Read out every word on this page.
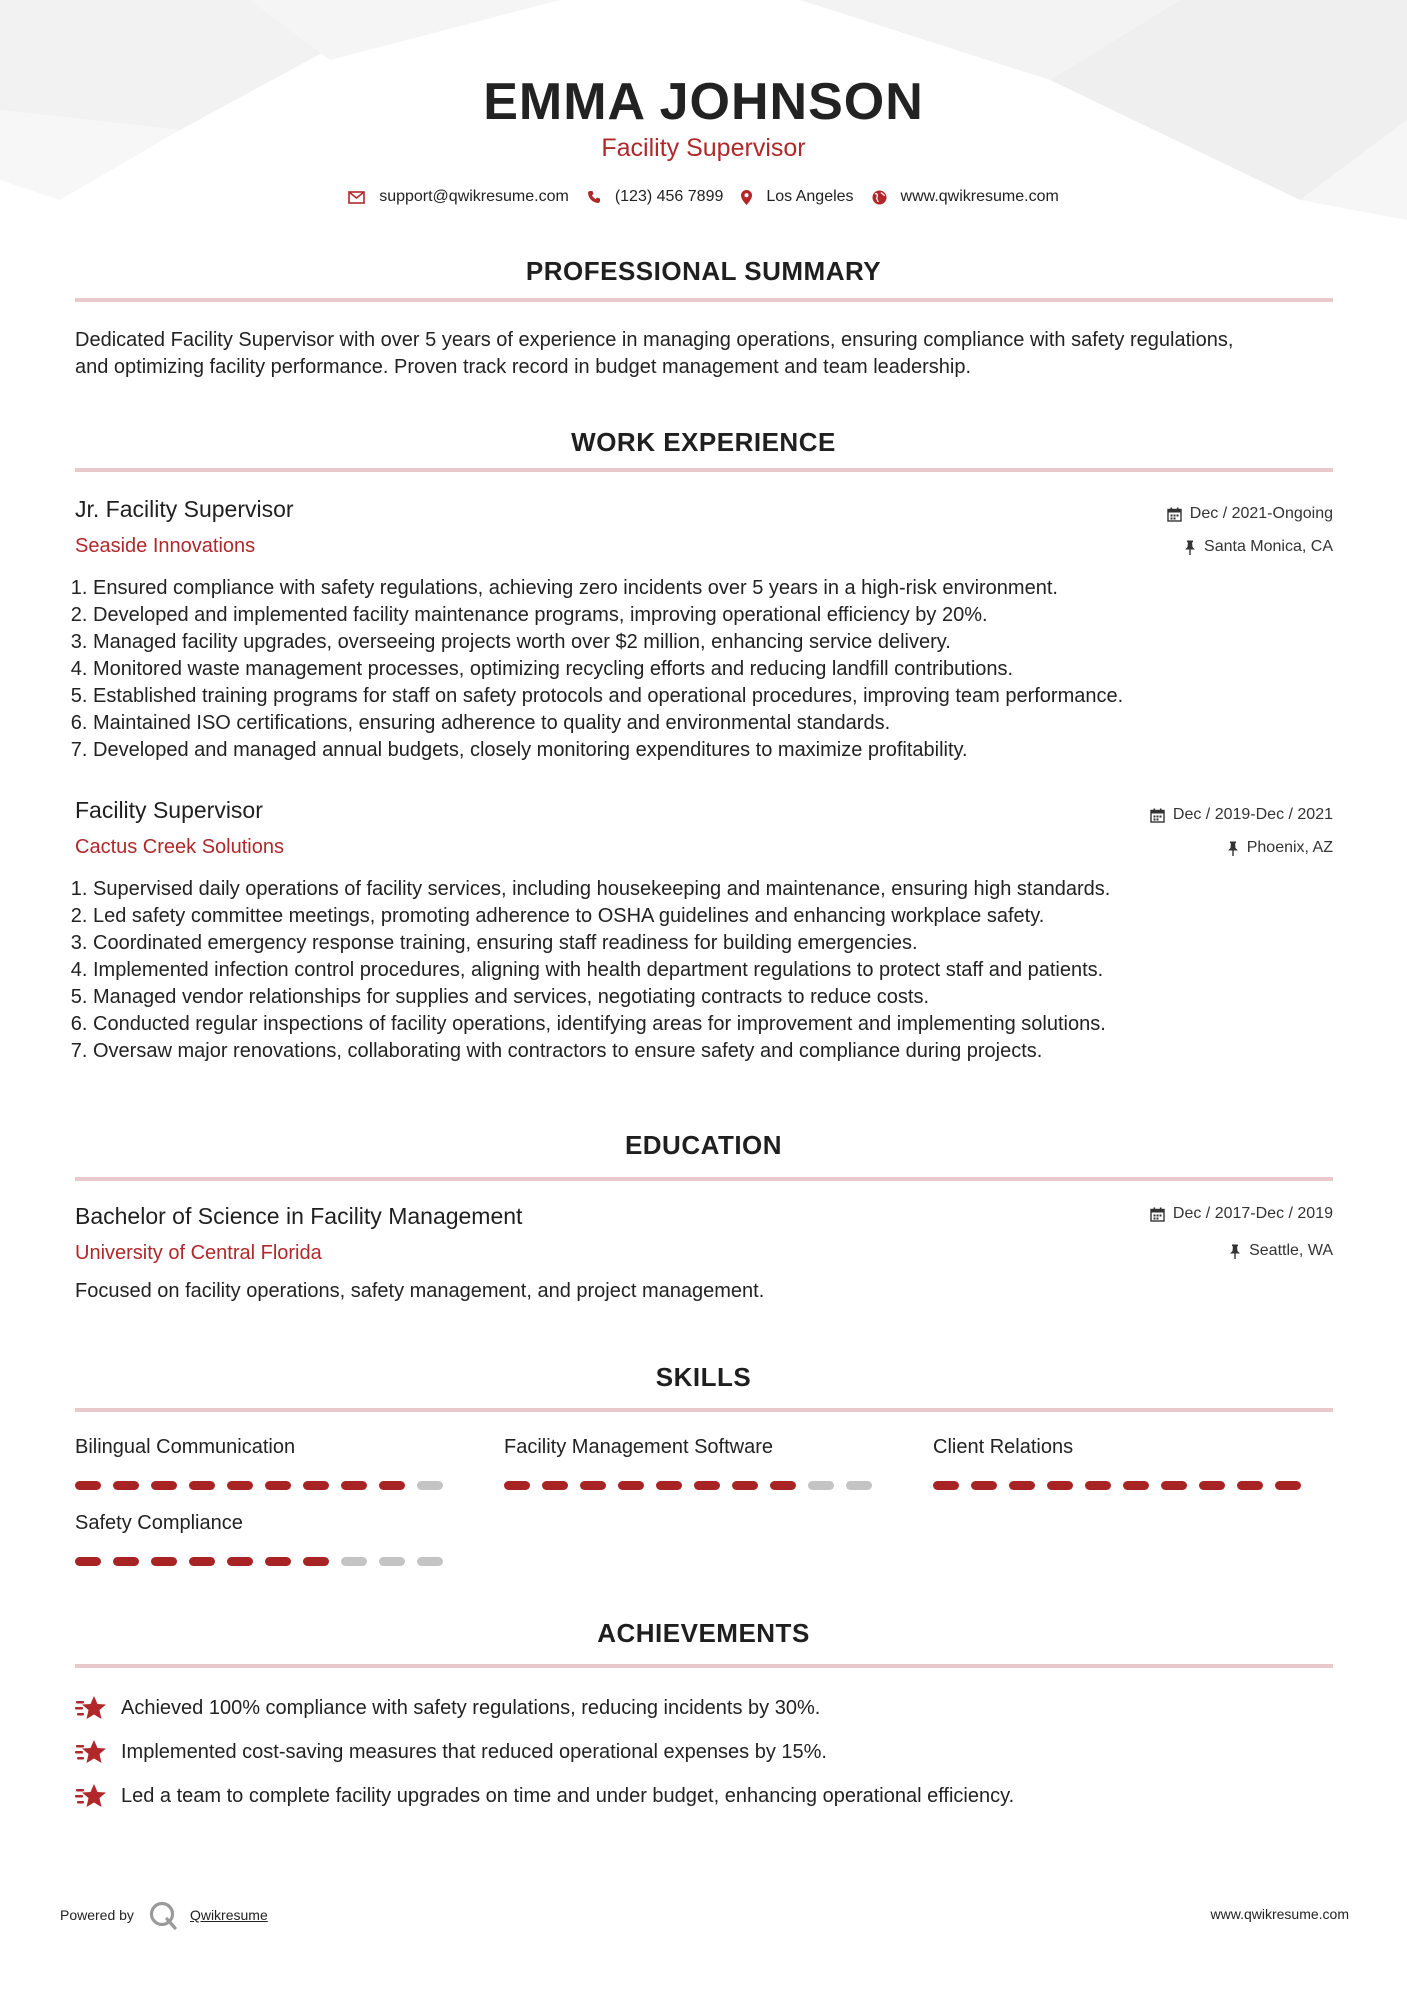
EMMA JOHNSON
Facility Supervisor
support@qwikresume.com	(123) 456 7899	Los Angeles	www.qwikresume.com
PROFESSIONAL SUMMARY
Dedicated Facility Supervisor with over 5 years of experience in managing operations, ensuring compliance with safety regulations,
and optimizing facility performance. Proven track record in budget management and team leadership.
WORK EXPERIENCE
Jr. Facility Supervisor	Dec / 2021-Ongoing
Seaside Innovations	Santa Monica, CA
1. Ensured compliance with safety regulations, achieving zero incidents over 5 years in a high-risk environment.
2. Developed and implemented facility maintenance programs, improving operational efficiency by 20%.
3. Managed facility upgrades, overseeing projects worth over $2 million, enhancing service delivery.
4. Monitored waste management processes, optimizing recycling efforts and reducing landfill contributions.
5. Established training programs for staff on safety protocols and operational procedures, improving team performance.
6. Maintained ISO certifications, ensuring adherence to quality and environmental standards.
7. Developed and managed annual budgets, closely monitoring expenditures to maximize profitability.
Facility Supervisor	Dec / 2019-Dec / 2021
Cactus Creek Solutions	Phoenix, AZ
1. Supervised daily operations of facility services, including housekeeping and maintenance, ensuring high standards.
2. Led safety committee meetings, promoting adherence to OSHA guidelines and enhancing workplace safety.
3. Coordinated emergency response training, ensuring staff readiness for building emergencies.
4. Implemented infection control procedures, aligning with health department regulations to protect staff and patients.
5. Managed vendor relationships for supplies and services, negotiating contracts to reduce costs.
6. Conducted regular inspections of facility operations, identifying areas for improvement and implementing solutions.
7. Oversaw major renovations, collaborating with contractors to ensure safety and compliance during projects.
EDUCATION
Bachelor of Science in Facility Management	Dec / 2017-Dec / 2019
University of Central Florida	Seattle, WA
Focused on facility operations, safety management, and project management.
SKILLS
Bilingual Communication	Facility Management Software	Client Relations
Safety Compliance
ACHIEVEMENTS
Achieved 100% compliance with safety regulations, reducing incidents by 30%.
Implemented cost-saving measures that reduced operational expenses by 15%.
Led a team to complete facility upgrades on time and under budget, enhancing operational efficiency.
Powered by	Qwikresume	www.qwikresume.com
